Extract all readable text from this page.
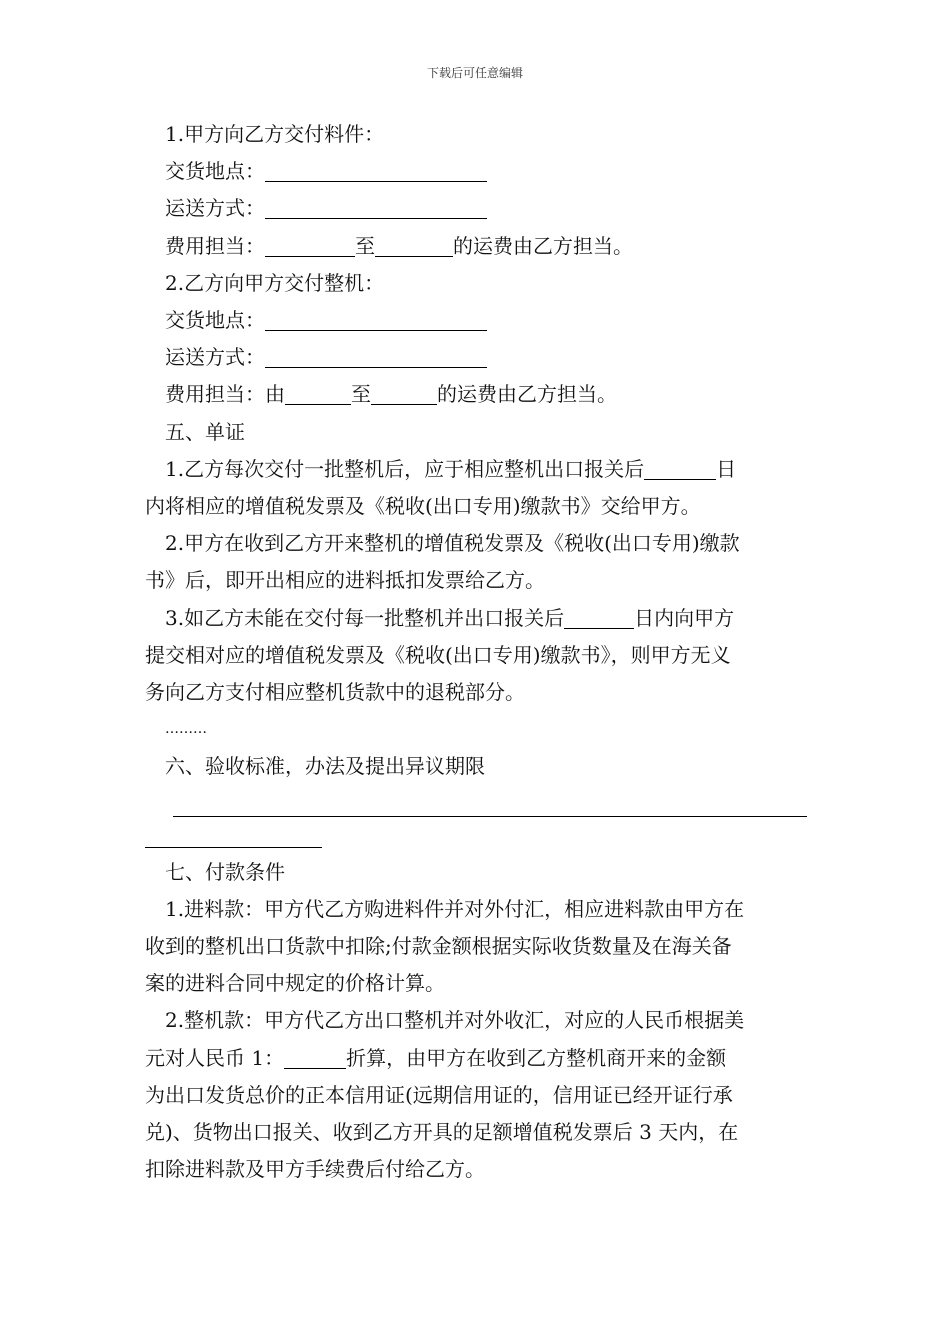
下载后可任意编辑
1.甲方向乙方交付料件：
交货地点：
运送方式：
费用担当：	至	的运费由乙方担当。
2.乙方向甲方交付整机：
交货地点：
运送方式：
费用担当：由	至	的运费由乙方担当。
五、单证
1.乙方每次交付一批整机后，应于相应整机出口报关后	日
内将相应的增值税发票及《税收(出口专用)缴款书》交给甲方。
2.甲方在收到乙方开来整机的增值税发票及《税收(出口专用)缴款
书》后，即开出相应的进料抵扣发票给乙方。
3.如乙方未能在交付每一批整机并出口报关后	日内向甲方
提交相对应的增值税发票及《税收(出口专用)缴款书》，则甲方无义
务向乙方支付相应整机货款中的退税部分。
………
六、验收标准，办法及提出异议期限
七、付款条件
1.进料款：甲方代乙方购进料件并对外付汇，相应进料款由甲方在
收到的整机出口货款中扣除;付款金额根据实际收货数量及在海关备
案的进料合同中规定的价格计算。
2.整机款：甲方代乙方出口整机并对外收汇，对应的人民币根据美
元对人民币 1：	折算，由甲方在收到乙方整机商开来的金额
为出口发货总价的正本信用证(远期信用证的，信用证已经开证行承
兑)、货物出口报关、收到乙方开具的足额增值税发票后 3 天内，在
扣除进料款及甲方手续费后付给乙方。
